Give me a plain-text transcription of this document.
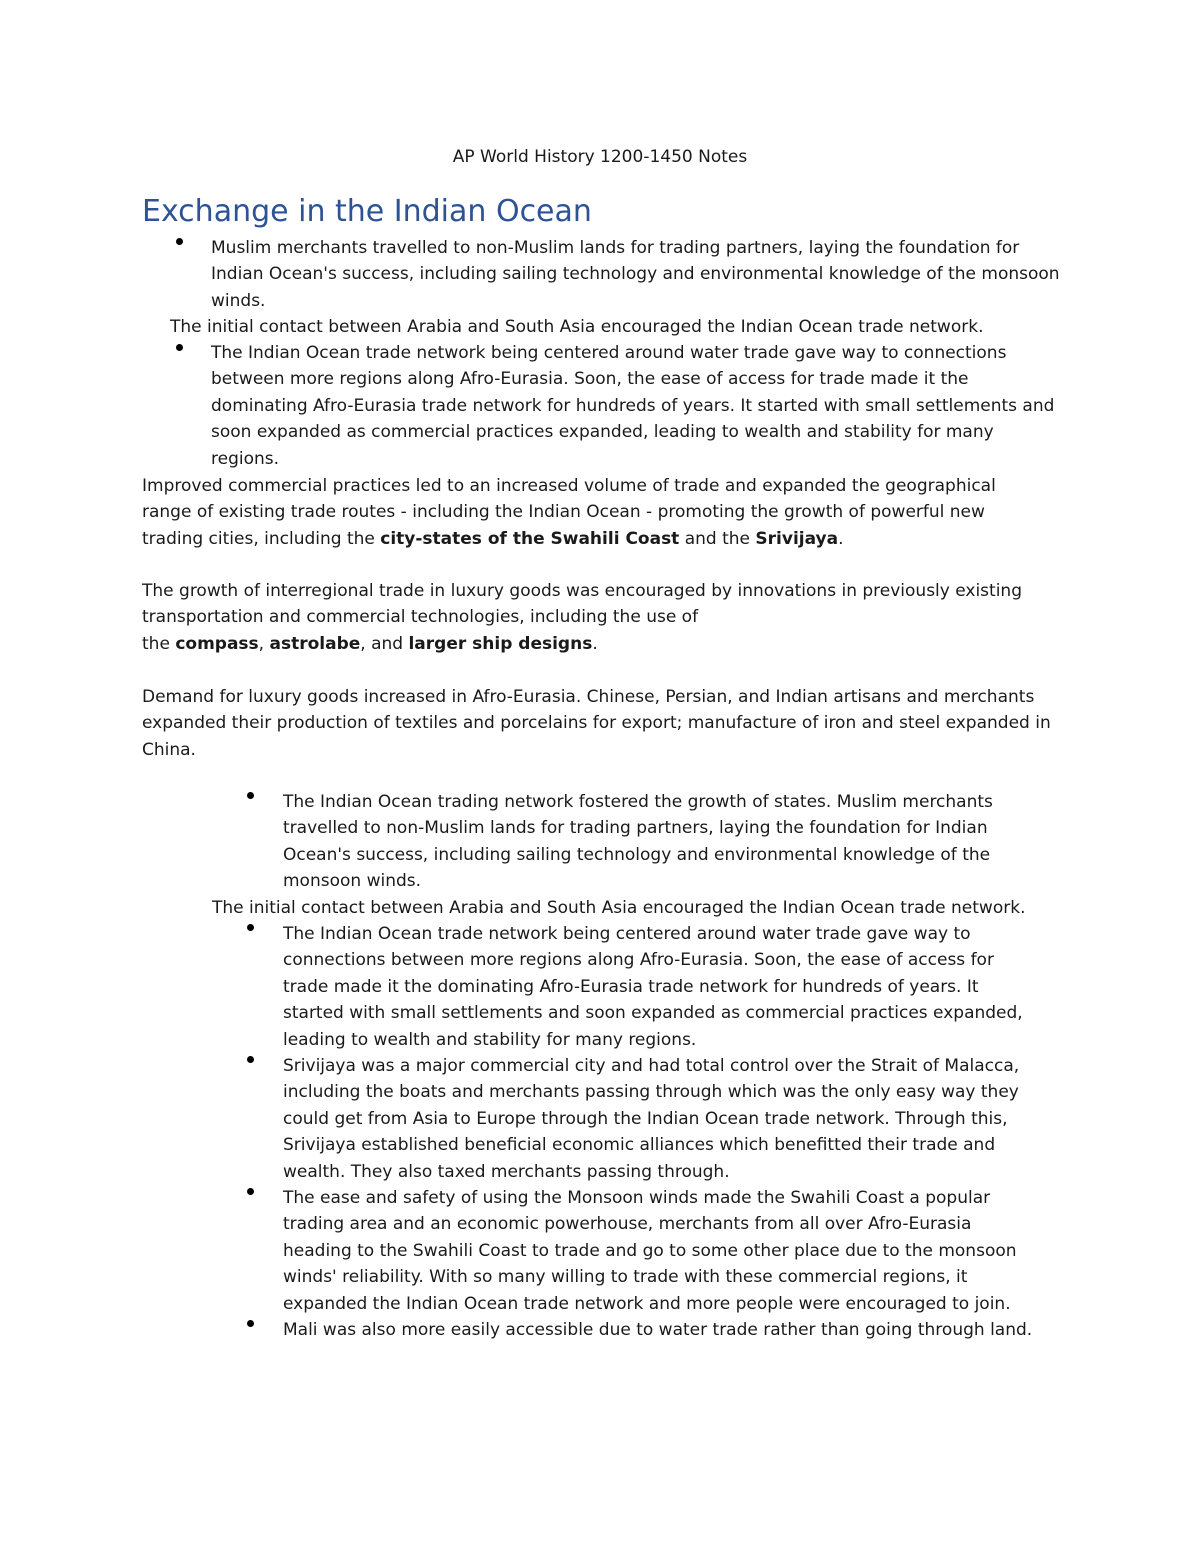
AP World History 1200-1450 Notes
Exchange in the Indian Ocean

Muslim merchants travelled to non-Muslim lands for trading partners, laying the foundation for Indian Ocean's success, including sailing technology and environmental knowledge of the monsoon winds.

The initial contact between Arabia and South Asia encouraged the Indian Ocean trade network.

The Indian Ocean trade network being centered around water trade gave way to connections between more regions along Afro-Eurasia. Soon, the ease of access for trade made it the dominating Afro-Eurasia trade network for hundreds of years. It started with small settlements and soon expanded as commercial practices expanded, leading to wealth and stability for many regions.

Improved commercial practices led to an increased volume of trade and expanded the geographical range of existing trade routes - including the Indian Ocean - promoting the growth of powerful new trading cities, including the city-states of the Swahili Coast and the Srivijaya.

The growth of interregional trade in luxury goods was encouraged by innovations in previously existing transportation and commercial technologies, including the use of
the compass, astrolabe, and larger ship designs.

Demand for luxury goods increased in Afro-Eurasia. Chinese, Persian, and Indian artisans and merchants expanded their production of textiles and porcelains for export; manufacture of iron and steel expanded in China.

The Indian Ocean trading network fostered the growth of states. Muslim merchants travelled to non-Muslim lands for trading partners, laying the foundation for Indian Ocean's success, including sailing technology and environmental knowledge of the monsoon winds.

The initial contact between Arabia and South Asia encouraged the Indian Ocean trade network.

The Indian Ocean trade network being centered around water trade gave way to connections between more regions along Afro-Eurasia. Soon, the ease of access for trade made it the dominating Afro-Eurasia trade network for hundreds of years. It started with small settlements and soon expanded as commercial practices expanded, leading to wealth and stability for many regions.

Srivijaya was a major commercial city and had total control over the Strait of Malacca, including the boats and merchants passing through which was the only easy way they could get from Asia to Europe through the Indian Ocean trade network. Through this, Srivijaya established beneficial economic alliances which benefitted their trade and wealth. They also taxed merchants passing through.

The ease and safety of using the Monsoon winds made the Swahili Coast a popular trading area and an economic powerhouse, merchants from all over Afro-Eurasia heading to the Swahili Coast to trade and go to some other place due to the monsoon winds' reliability. With so many willing to trade with these commercial regions, it expanded the Indian Ocean trade network and more people were encouraged to join.

Mali was also more easily accessible due to water trade rather than going through land.
